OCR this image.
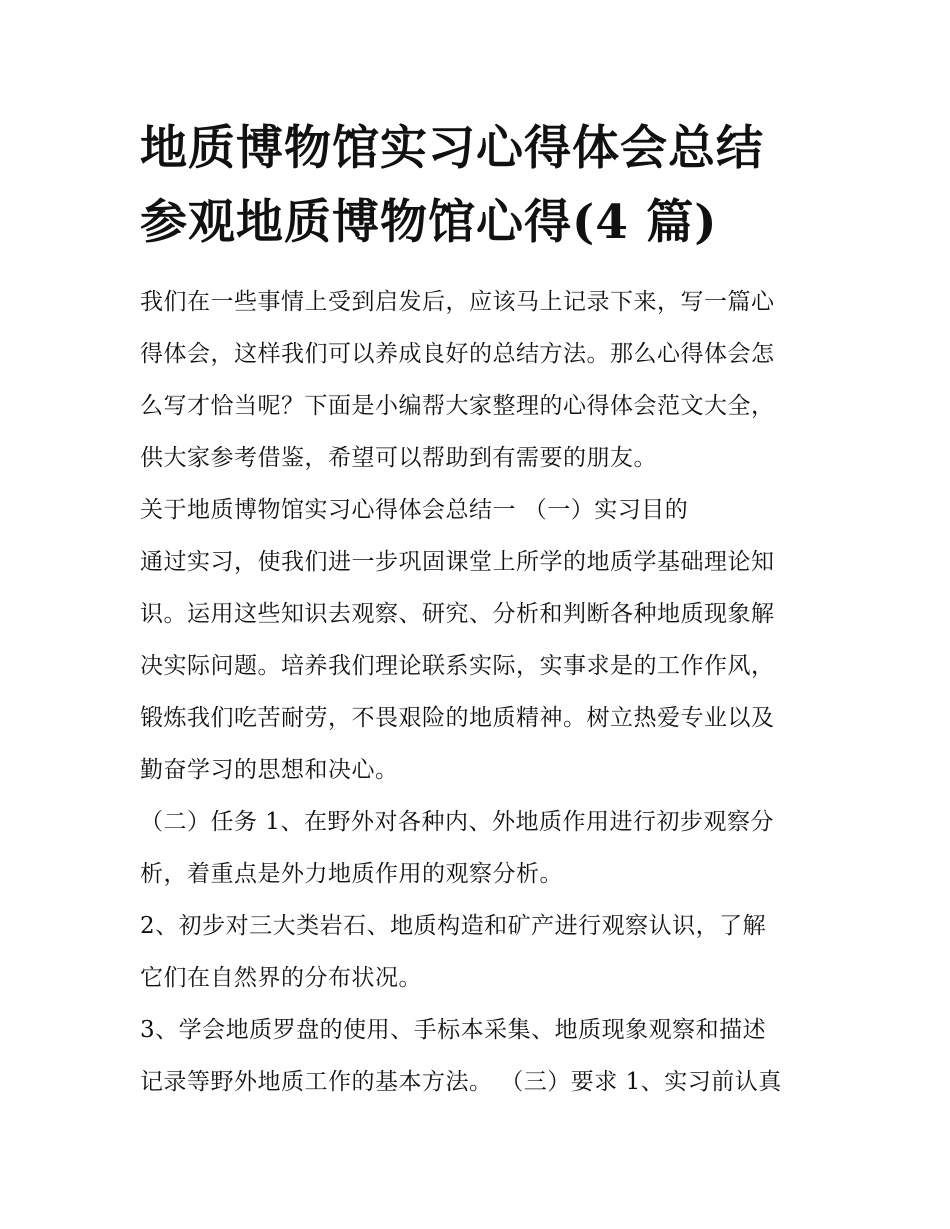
地质博物馆实习心得体会总结
参观地质博物馆心得(4 篇)
我们在一些事情上受到启发后，应该马上记录下来，写一篇心
得体会，这样我们可以养成良好的总结方法。那么心得体会怎
么写才恰当呢？下面是小编帮大家整理的心得体会范文大全，
供大家参考借鉴，希望可以帮助到有需要的朋友。
关于地质博物馆实习心得体会总结一 （一）实习目的
通过实习，使我们进一步巩固课堂上所学的地质学基础理论知
识。运用这些知识去观察、研究、分析和判断各种地质现象解
决实际问题。培养我们理论联系实际，实事求是的工作作风，
锻炼我们吃苦耐劳，不畏艰险的地质精神。树立热爱专业以及
勤奋学习的思想和决心。
（二）任务 1、在野外对各种内、外地质作用进行初步观察分
析，着重点是外力地质作用的观察分析。
2、初步对三大类岩石、地质构造和矿产进行观察认识，了解
它们在自然界的分布状况。
3、学会地质罗盘的使用、手标本采集、地质现象观察和描述
记录等野外地质工作的基本方法。 （三）要求 1、实习前认真
